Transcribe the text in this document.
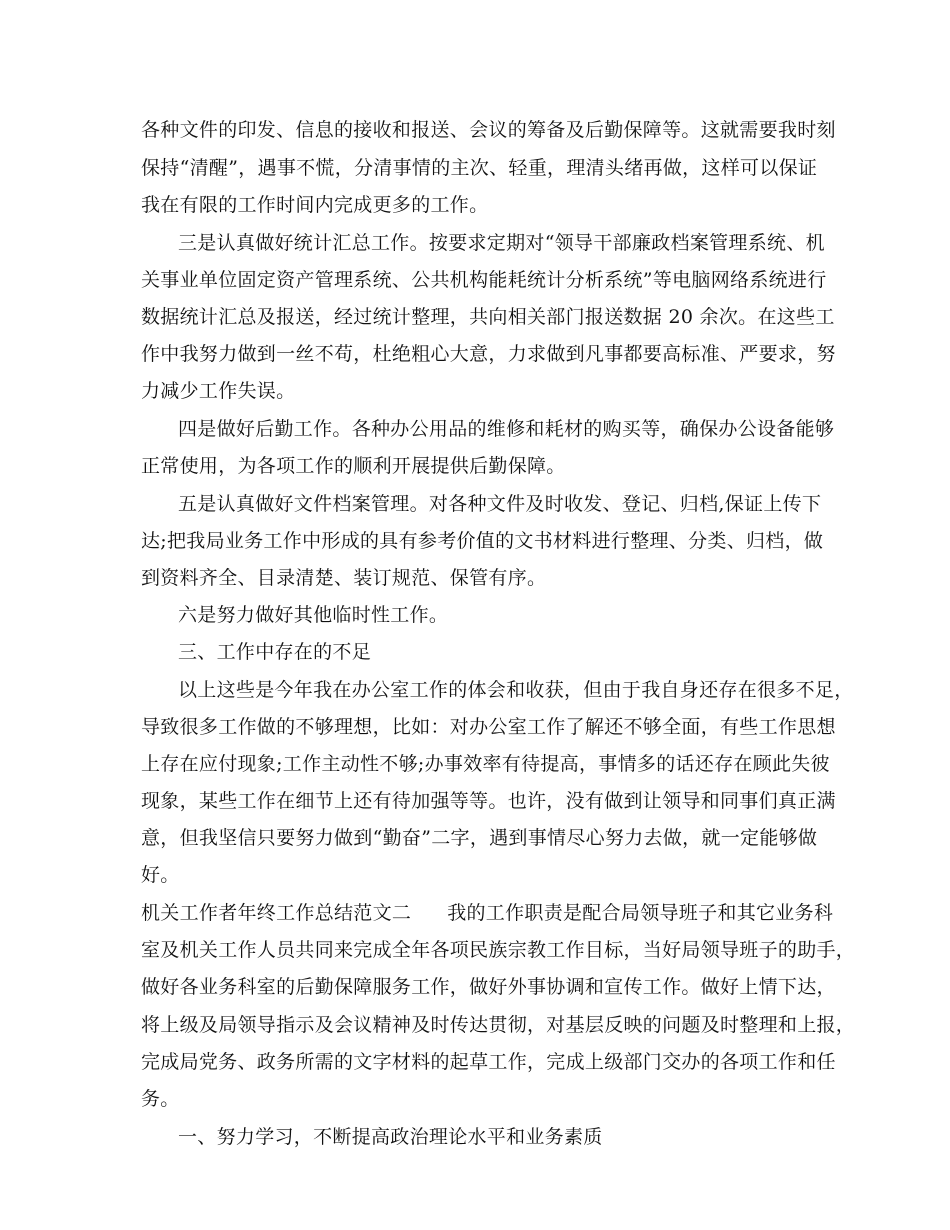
各种文件的印发、信息的接收和报送、会议的筹备及后勤保障等。这就需要我时刻
保持“清醒”，遇事不慌，分清事情的主次、轻重，理清头绪再做，这样可以保证
我在有限的工作时间内完成更多的工作。
三是认真做好统计汇总工作。按要求定期对“领导干部廉政档案管理系统、机
关事业单位固定资产管理系统、公共机构能耗统计分析系统”等电脑网络系统进行
数据统计汇总及报送，经过统计整理，共向相关部门报送数据 20 余次。在这些工
作中我努力做到一丝不苟，杜绝粗心大意，力求做到凡事都要高标准、严要求，努
力减少工作失误。
四是做好后勤工作。各种办公用品的维修和耗材的购买等，确保办公设备能够
正常使用，为各项工作的顺利开展提供后勤保障。
五是认真做好文件档案管理。对各种文件及时收发、登记、归档,保证上传下
达;把我局业务工作中形成的具有参考价值的文书材料进行整理、分类、归档，做
到资料齐全、目录清楚、装订规范、保管有序。
六是努力做好其他临时性工作。
三、工作中存在的不足
以上这些是今年我在办公室工作的体会和收获，但由于我自身还存在很多不足，
导致很多工作做的不够理想，比如：对办公室工作了解还不够全面，有些工作思想
上存在应付现象;工作主动性不够;办事效率有待提高，事情多的话还存在顾此失彼
现象，某些工作在细节上还有待加强等等。也许，没有做到让领导和同事们真正满
意，但我坚信只要努力做到“勤奋”二字，遇到事情尽心努力去做，就一定能够做
好。
机关工作者年终工作总结范文二 我的工作职责是配合局领导班子和其它业务科
室及机关工作人员共同来完成全年各项民族宗教工作目标，当好局领导班子的助手，
做好各业务科室的后勤保障服务工作，做好外事协调和宣传工作。做好上情下达，
将上级及局领导指示及会议精神及时传达贯彻，对基层反映的问题及时整理和上报，
完成局党务、政务所需的文字材料的起草工作，完成上级部门交办的各项工作和任
务。
一、努力学习，不断提高政治理论水平和业务素质
